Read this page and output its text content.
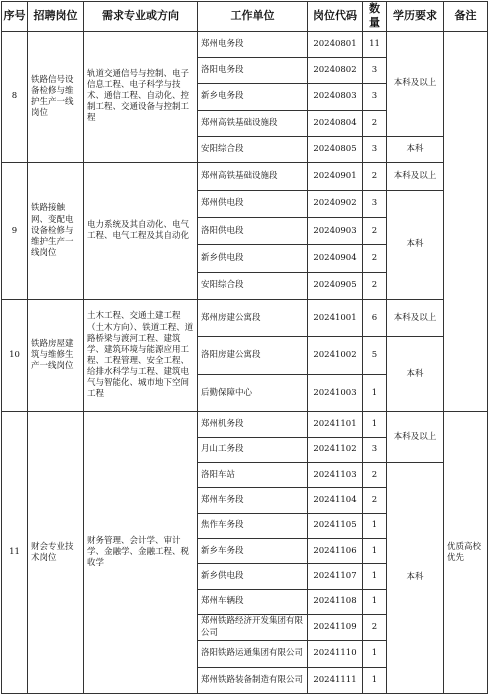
序号	招聘岗位	需求专业或方向	工作单位	岗位代码	数量	学历要求	备注
8	铁路信号设备检修与维护生产一线岗位	轨道交通信号与控制、电子信息工程、电子科学与技术、通信工程、自动化、控制工程、交通设备与控制工程	郑州电务段	20240801	11	本科及以上	
			洛阳电务段	20240802	3		
			新乡电务段	20240803	3		
			郑州高铁基础设施段	20240804	2		
			安阳综合段	20240805	3	本科	
9	铁路接触网、变配电设备检修与维护生产一线岗位	电力系统及其自动化、电气工程、电气工程及其自动化	郑州高铁基础设施段	20240901	2	本科及以上	
			郑州供电段	20240902	3	本科	
			洛阳供电段	20240903	2		
			新乡供电段	20240904	2		
			安阳综合段	20240905	2		
10	铁路房屋建筑与维修生产一线岗位	土木工程、交通土建工程（土木方向）、铁道工程、道路桥梁与渡河工程、建筑学、建筑环境与能源应用工程、工程管理、安全工程、给排水科学与工程、建筑电气与智能化、城市地下空间工程	郑州房建公寓段	20241001	6	本科及以上	
			洛阳房建公寓段	20241002	5	本科	
			后勤保障中心	20241003	1		
11	财会专业技术岗位	财务管理、会计学、审计学、金融学、金融工程、税收学	郑州机务段	20241101	1	本科及以上	优质高校优先
			月山工务段	20241102	3		
			洛阳车站	20241103	2	本科	
			郑州车务段	20241104	2		
			焦作车务段	20241105	1		
			新乡车务段	20241106	1		
			新乡供电段	20241107	1		
			郑州车辆段	20241108	1		
			郑州铁路经济开发集团有限公司	20241109	2		
			洛阳铁路运通集团有限公司	20241110	1		
			郑州铁路装备制造有限公司	20241111	1		
